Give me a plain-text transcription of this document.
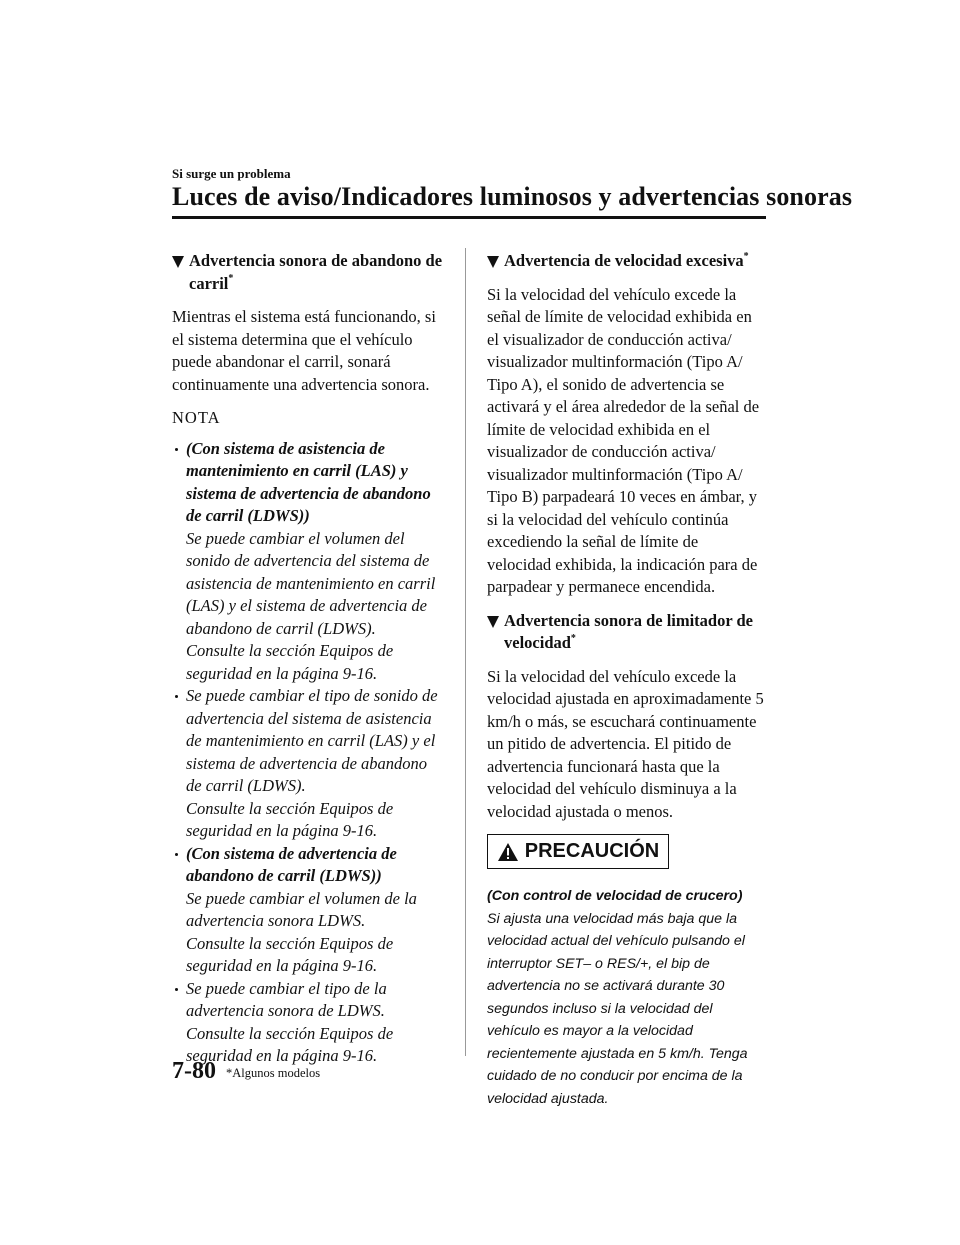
Si surge un problema
Luces de aviso/Indicadores luminosos y advertencias sonoras
Advertencia sonora de abandono de carril*

Mientras el sistema está funcionando, si el sistema determina que el vehículo puede abandonar el carril, sonará continuamente una advertencia sonora.

NOTA
(Con sistema de asistencia de mantenimiento en carril (LAS) y sistema de advertencia de abandono de carril (LDWS))
Se puede cambiar el volumen del sonido de advertencia del sistema de asistencia de mantenimiento en carril (LAS) y el sistema de advertencia de abandono de carril (LDWS).
Consulte la sección Equipos de seguridad en la página 9-16.
Se puede cambiar el tipo de sonido de advertencia del sistema de asistencia de mantenimiento en carril (LAS) y el sistema de advertencia de abandono de carril (LDWS).
Consulte la sección Equipos de seguridad en la página 9-16.
(Con sistema de advertencia de abandono de carril (LDWS))
Se puede cambiar el volumen de la advertencia sonora LDWS.
Consulte la sección Equipos de seguridad en la página 9-16.
Se puede cambiar el tipo de la advertencia sonora de LDWS.
Consulte la sección Equipos de seguridad en la página 9-16.
Advertencia de velocidad excesiva*

Si la velocidad del vehículo excede la señal de límite de velocidad exhibida en el visualizador de conducción activa/ visualizador multinformación (Tipo A/ Tipo A), el sonido de advertencia se activará y el área alrededor de la señal de límite de velocidad exhibida en el visualizador de conducción activa/ visualizador multinformación (Tipo A/ Tipo B) parpadeará 10 veces en ámbar, y si la velocidad del vehículo continúa excediendo la señal de límite de velocidad exhibida, la indicación para de parpadear y permanece encendida.

Advertencia sonora de limitador de velocidad*

Si la velocidad del vehículo excede la velocidad ajustada en aproximadamente 5 km/h o más, se escuchará continuamente un pitido de advertencia. El pitido de advertencia funcionará hasta que la velocidad del vehículo disminuya a la velocidad ajustada o menos.

PRECAUCIÓN
(Con control de velocidad de crucero)
Si ajusta una velocidad más baja que la velocidad actual del vehículo pulsando el interruptor SET– o RES/+, el bip de advertencia no se activará durante 30 segundos incluso si la velocidad del vehículo es mayor a la velocidad recientemente ajustada en 5 km/h. Tenga cuidado de no conducir por encima de la velocidad ajustada.
7-80 *Algunos modelos
